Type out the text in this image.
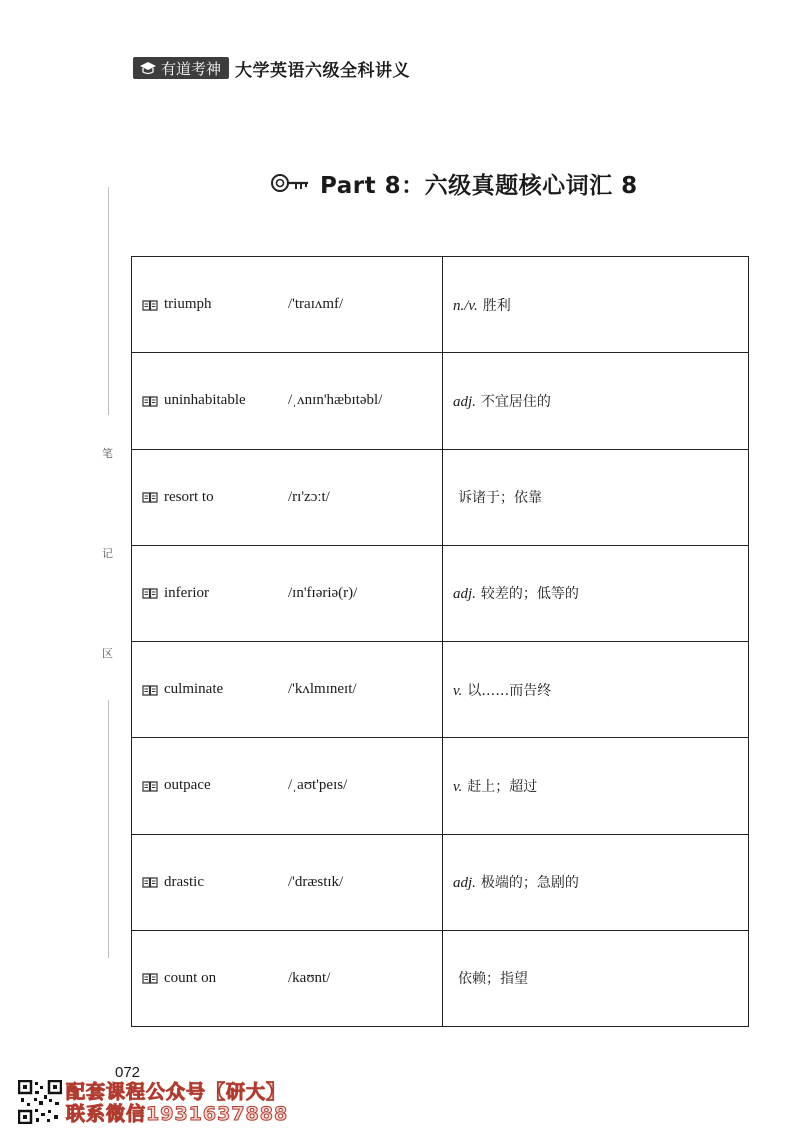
有道考神 大学英语六级全科讲义
笔
记
区
Part 8：六级真题核心词汇 8
triumph /'traɪʌmf/	n./v. 胜利

uninhabitable /ˌʌnɪn'hæbɪtəbl/	adj. 不宜居住的

resort to /rɪ'zɔːt/	诉诸于；依靠

inferior /ɪn'fɪəriə(r)/	adj. 较差的；低等的

culminate /'kʌlmɪneɪt/	v. 以……而告终

outpace /ˌaʊt'peɪs/	v. 赶上；超过

drastic /'dræstɪk/	adj. 极端的；急剧的

count on /kaʊnt/	依赖；指望
072
配套课程公众号【研大】
联系微信1931637888
